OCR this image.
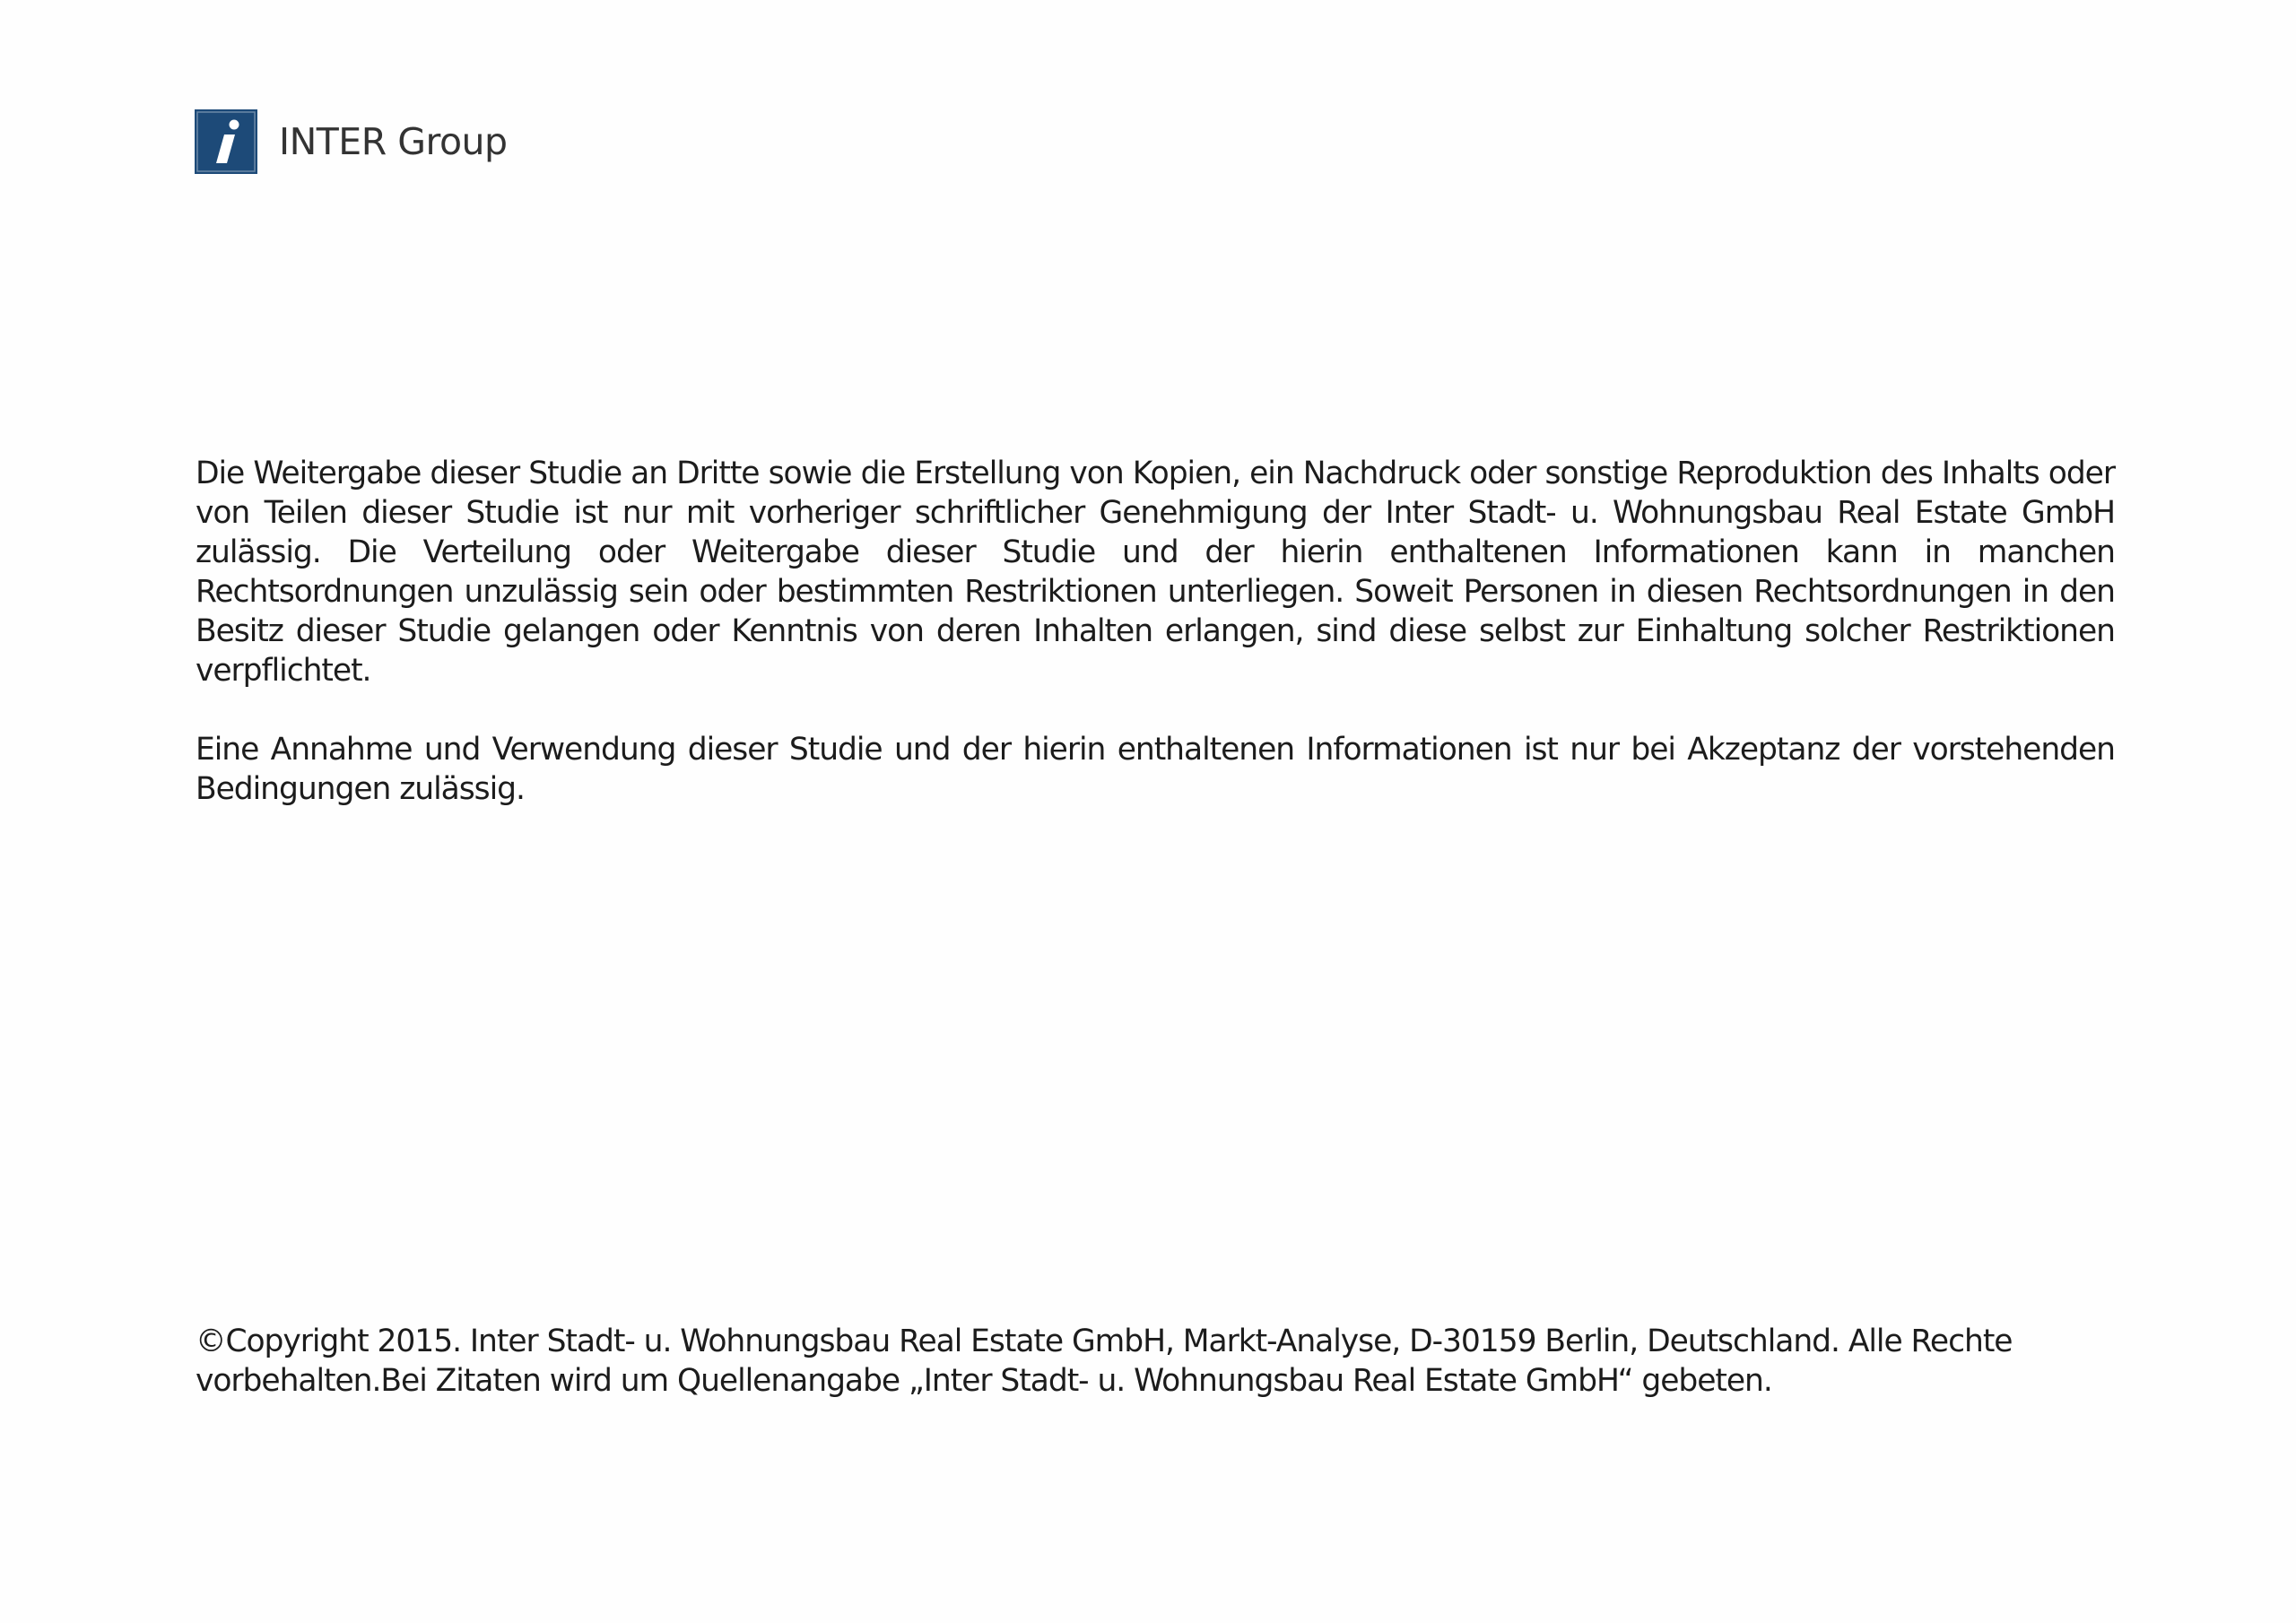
INTER Group

Die Weitergabe dieser Studie an Dritte sowie die Erstellung von Kopien, ein Nachdruck oder sonstige Reproduktion des Inhalts oder von Teilen dieser Studie ist nur mit vorheriger schriftlicher Genehmigung der Inter Stadt- u. Wohnungsbau Real Estate GmbH zulässig. Die Verteilung oder Weitergabe dieser Studie und der hierin enthaltenen Informationen kann in manchen Rechtsordnungen unzulässig sein oder bestimmten Restriktionen unterliegen. Soweit Personen in diesen Rechtsordnungen in den Besitz dieser Studie gelangen oder Kenntnis von deren Inhalten erlangen, sind diese selbst zur Einhaltung solcher Restriktionen verpflichtet.

Eine Annahme und Verwendung dieser Studie und der hierin enthaltenen Informationen ist nur bei Akzeptanz der vorstehenden Bedingungen zulässig.

©Copyright 2015. Inter Stadt- u. Wohnungsbau Real Estate GmbH, Markt-Analyse, D-30159 Berlin, Deutschland. Alle Rechte vorbehalten.Bei Zitaten wird um Quellenangabe „Inter Stadt- u. Wohnungsbau Real Estate GmbH“ gebeten.
